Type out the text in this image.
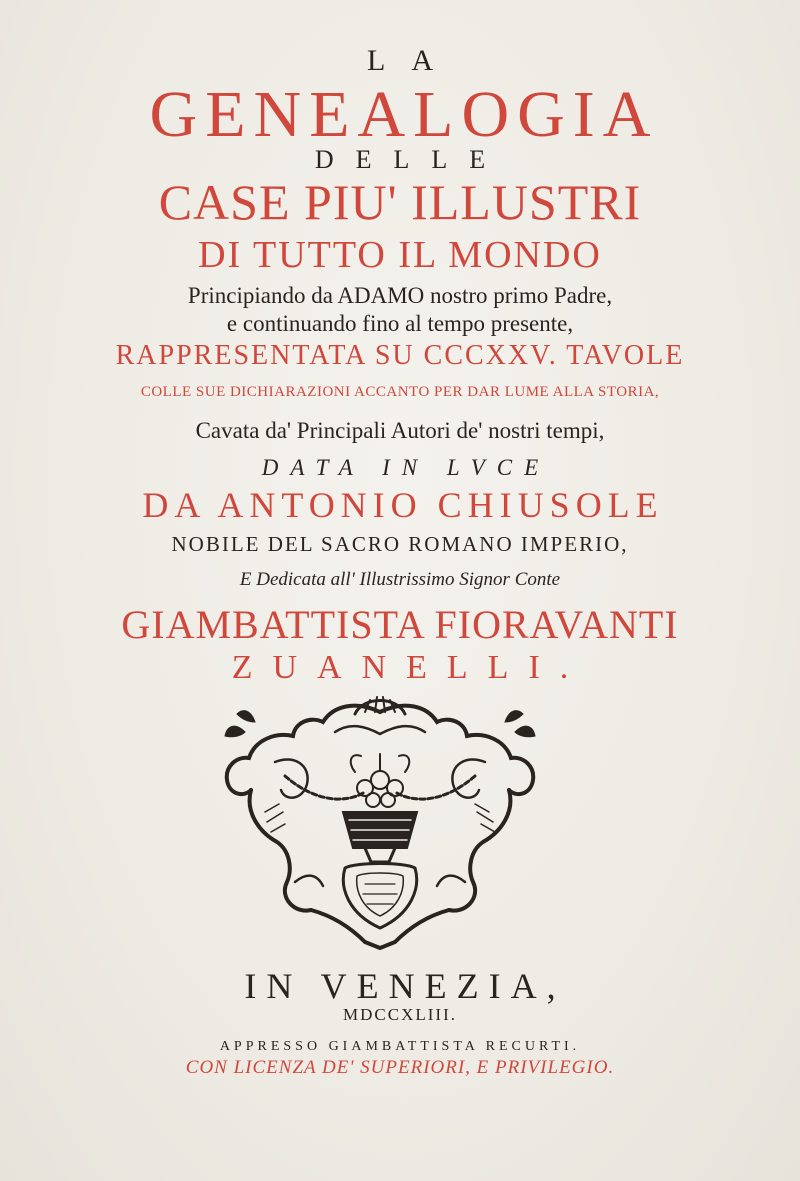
LA
GENEALOGIA
DELLE
CASE PIU' ILLUSTRI
DI TUTTO IL MONDO
Principiando da ADAMO nostro primo Padre,
e continuando fino al tempo presente,
RAPPRESENTATA SU CCCXXV. TAVOLE
COLLE SUE DICHIARAZIONI ACCANTO PER DAR LUME ALLA STORIA,
Cavata da' Principali Autori de' nostri tempi,
DATA IN LVCE
DA ANTONIO CHIUSOLE
NOBILE DEL SACRO ROMANO IMPERIO,
E Dedicata all' Illustrissimo Signor Conte
GIAMBATTISTA FIORAVANTI
ZUANELLI.
IN VENEZIA,
MDCCXLIII.
APPRESSO GIAMBATTISTA RECURTI.
CON LICENZA DE' SUPERIORI, E PRIVILEGIO.
